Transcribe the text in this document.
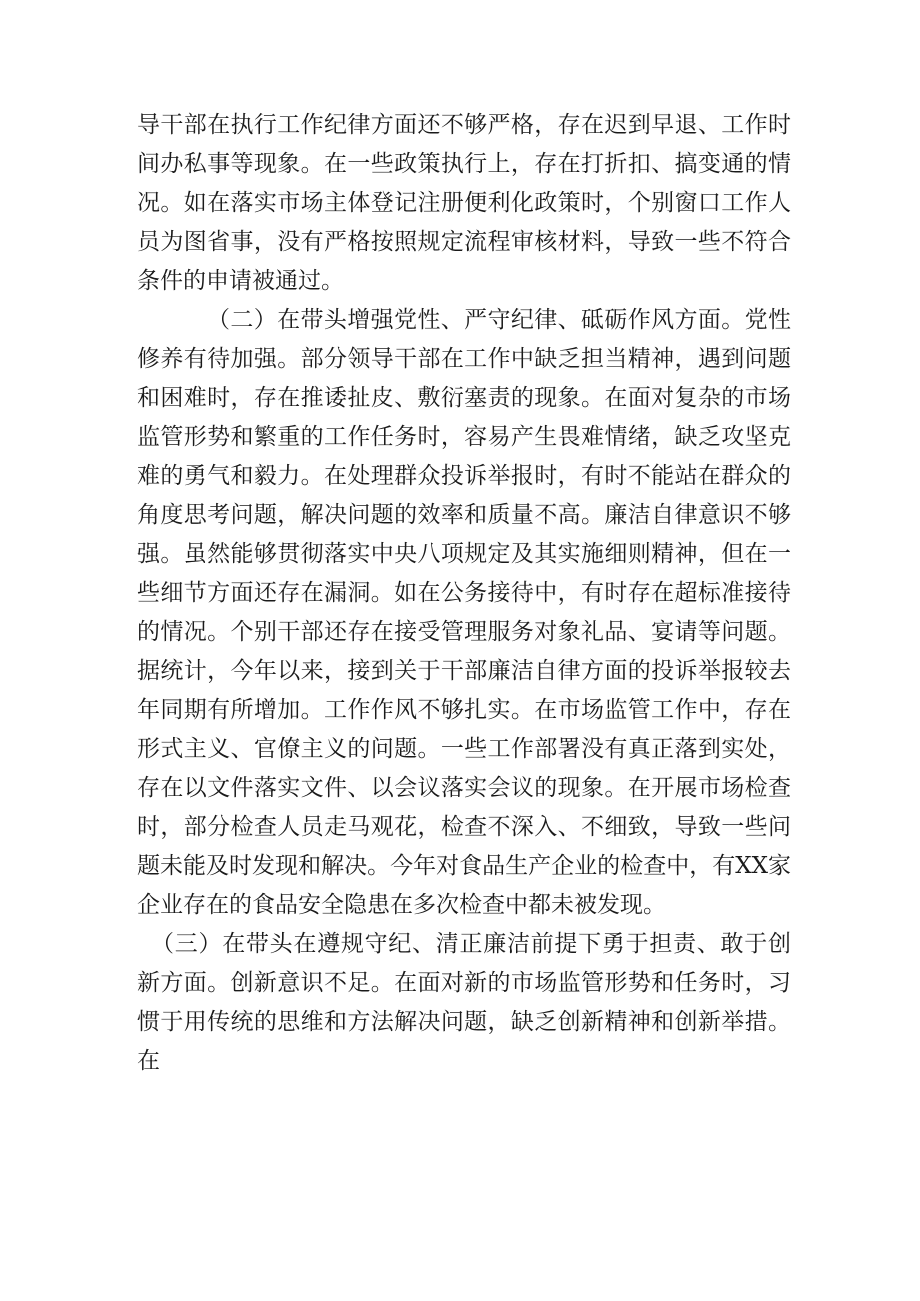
导干部在执行工作纪律方面还不够严格，存在迟到早退、工作时间办私事等现象。在一些政策执行上，存在打折扣、搞变通的情况。如在落实市场主体登记注册便利化政策时，个别窗口工作人员为图省事，没有严格按照规定流程审核材料，导致一些不符合条件的申请被通过。

（二）在带头增强党性、严守纪律、砥砺作风方面。党性修养有待加强。部分领导干部在工作中缺乏担当精神，遇到问题和困难时，存在推诿扯皮、敷衍塞责的现象。在面对复杂的市场监管形势和繁重的工作任务时，容易产生畏难情绪，缺乏攻坚克难的勇气和毅力。在处理群众投诉举报时，有时不能站在群众的角度思考问题，解决问题的效率和质量不高。廉洁自律意识不够强。虽然能够贯彻落实中央八项规定及其实施细则精神，但在一些细节方面还存在漏洞。如在公务接待中，有时存在超标准接待的情况。个别干部还存在接受管理服务对象礼品、宴请等问题。据统计，今年以来，接到关于干部廉洁自律方面的投诉举报较去年同期有所增加。工作作风不够扎实。在市场监管工作中，存在形式主义、官僚主义的问题。一些工作部署没有真正落到实处，存在以文件落实文件、以会议落实会议的现象。在开展市场检查时，部分检查人员走马观花，检查不深入、不细致，导致一些问题未能及时发现和解决。今年对食品生产企业的检查中，有XX家企业存在的食品安全隐患在多次检查中都未被发现。

（三）在带头在遵规守纪、清正廉洁前提下勇于担责、敢于创新方面。创新意识不足。在面对新的市场监管形势和任务时，习惯于用传统的思维和方法解决问题，缺乏创新精神和创新举措。在
